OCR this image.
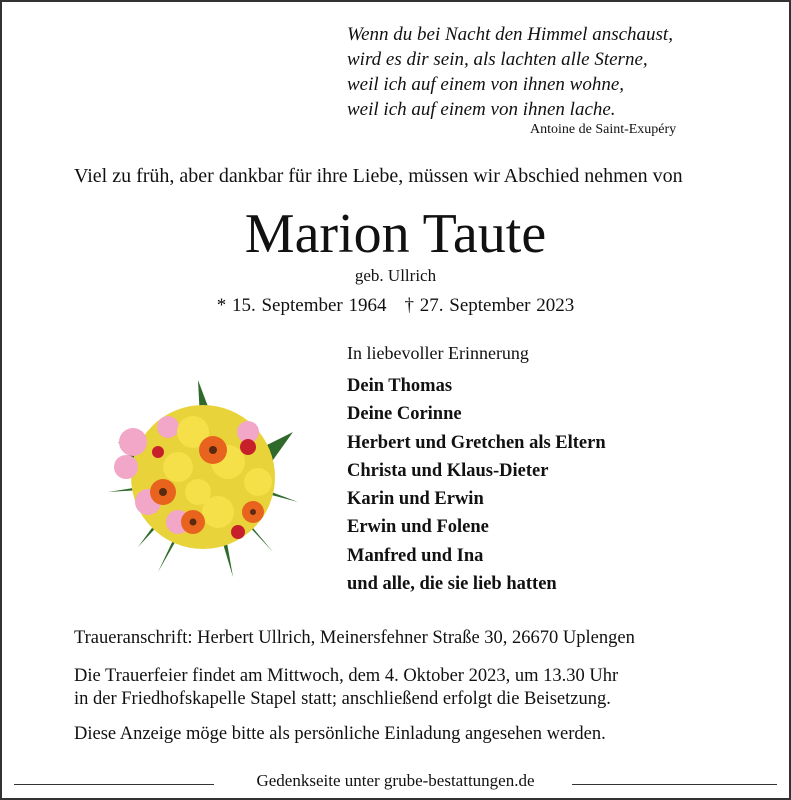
Wenn du bei Nacht den Himmel anschaust,
wird es dir sein, als lachten alle Sterne,
weil ich auf einem von ihnen wohne,
weil ich auf einem von ihnen lache.
Antoine de Saint-Exupéry
Viel zu früh, aber dankbar für ihre Liebe, müssen wir Abschied nehmen von
Marion Taute
geb. Ullrich
* 15. September 1964 † 27. September 2023
In liebevoller Erinnerung
Dein Thomas
Deine Corinne
Herbert und Gretchen als Eltern
Christa und Klaus-Dieter
Karin und Erwin
Erwin und Folene
Manfred und Ina
und alle, die sie lieb hatten
Traueranschrift: Herbert Ullrich, Meinersfehner Straße 30, 26670 Uplengen
Die Trauerfeier findet am Mittwoch, dem 4. Oktober 2023, um 13.30 Uhr
in der Friedhofskapelle Stapel statt; anschließend erfolgt die Beisetzung.
Diese Anzeige möge bitte als persönliche Einladung angesehen werden.
Gedenkseite unter grube-bestattungen.de
